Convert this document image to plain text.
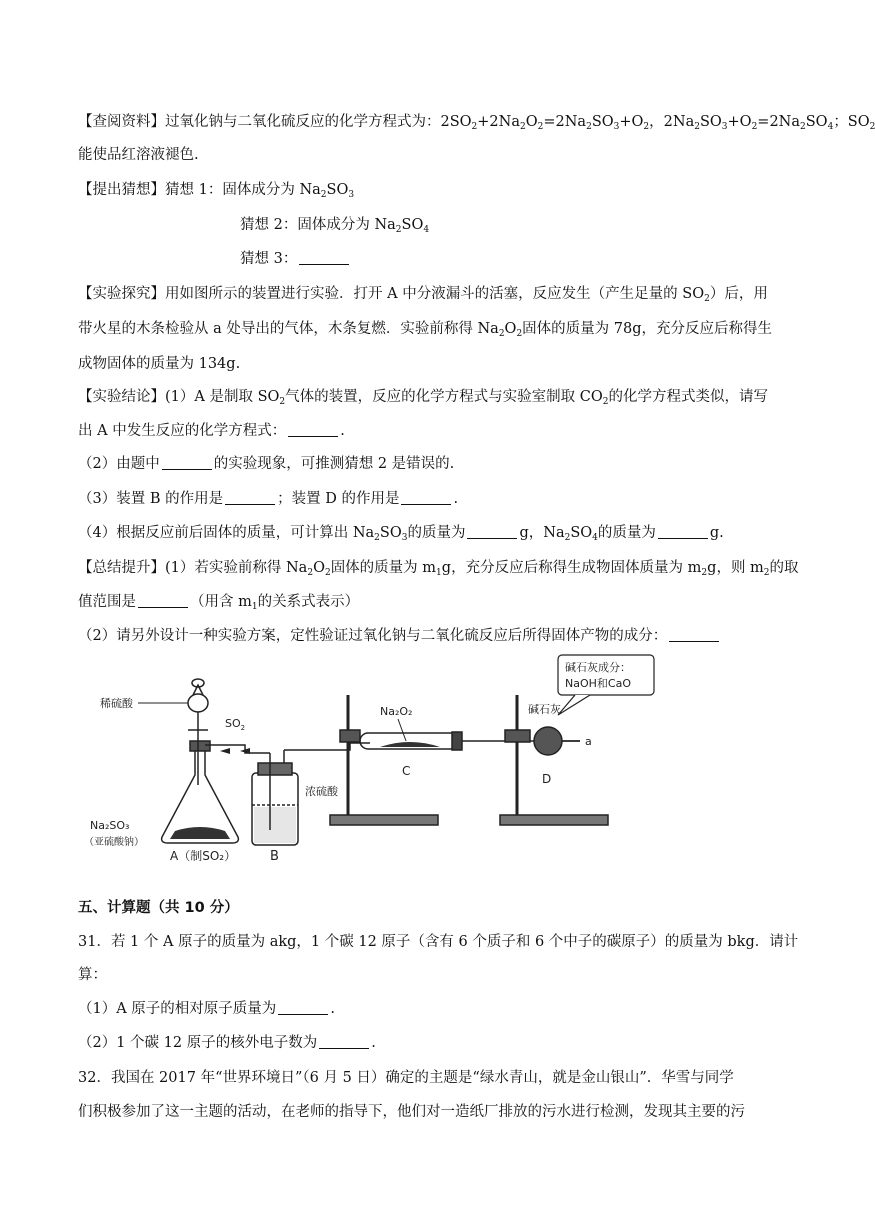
【查阅资料】过氧化钠与二氧化硫反应的化学方程式为：$2SO_2+2Na_2O_2=2Na_2SO_3+O_2$，$2Na_2SO_3+O_2=2Na_2SO_4$；$SO_2$
能使品红溶液褪色.
【提出猜想】猜想 1：固体成分为 $Na_2SO_3$
猜想 2：固体成分为 $Na_2SO_4$
猜想 3：
【实验探究】用如图所示的装置进行实验．打开 A 中分液漏斗的活塞，反应发生（产生足量的 $SO_2$）后，用
带火星的木条检验从 a 处导出的气体，木条复燃．实验前称得 $Na_2O_2$固体的质量为 78g，充分反应后称得生
成物固体的质量为 134g.
【实验结论】(1）A 是制取 $SO_2$气体的装置，反应的化学方程式与实验室制取 $CO_2$的化学方程式类似，请写
出 A 中发生反应的化学方程式：	.
（2）由题中	的实验现象，可推测猜想 2 是错误的.
（3）装置 B 的作用是	；装置 D 的作用是	.
（4）根据反应前后固体的质量，可计算出 $Na_2SO_3$的质量为	g，$Na_2SO_4$的质量为	g.
【总结提升】(1）若实验前称得 $Na_2O_2$固体的质量为 $m_1g$，充分反应后称得生成物固体质量为 $m_2g$，则 $m_2$的取
值范围是	（用含 $m_1$的关系式表示）
（2）请另外设计一种实验方案，定性验证过氧化钠与二氧化硫反应后所得固体产物的成分：
碱石灰成分：
NaOH和CaO
稀硫酸
$SO_2$
Na₂SO₃
（亚硫酸钠）
A（制SO₂）	B
浓硫酸
Na₂O₂
C
碱石灰
D
a
五、计算题（共 10 分）
31．若 1 个 A 原子的质量为 akg，1 个碳 12 原子（含有 6 个质子和 6 个中子的碳原子）的质量为 bkg．请计
算：
（1）A 原子的相对原子质量为	.
（2）1 个碳 12 原子的核外电子数为	.
32．我国在 2017 年“世界环境日”（6 月 5 日）确定的主题是“绿水青山，就是金山银山”．华雪与同学
们积极参加了这一主题的活动，在老师的指导下，他们对一造纸厂排放的污水进行检测，发现其主要的污
